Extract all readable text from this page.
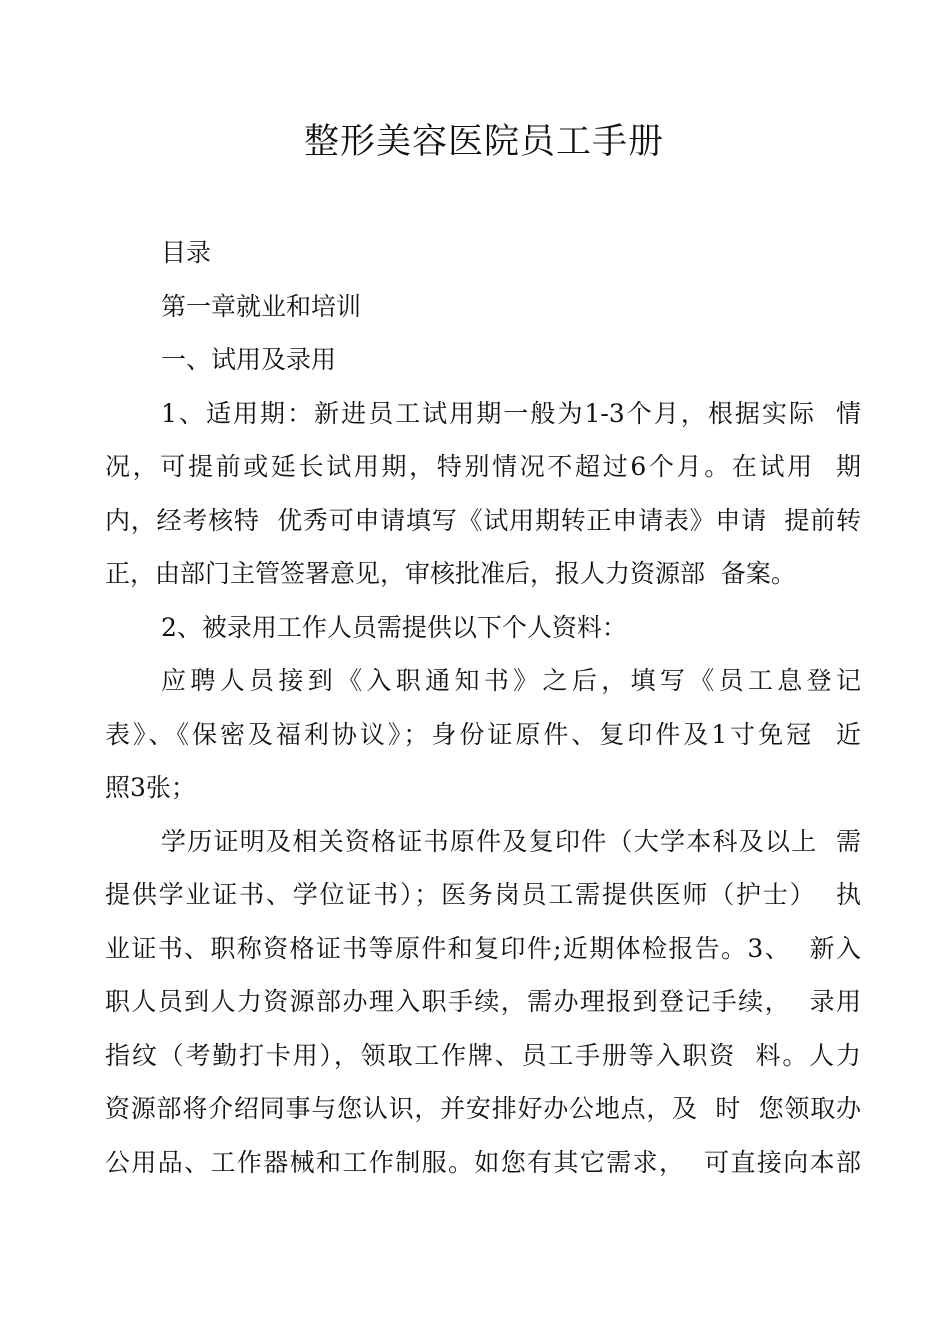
整形美容医院员工手册

目录

第一章就业和培训

一、试用及录用

1、适用期：新进员工试用期一般为1-3个月，根据实际  情

况，可提前或延长试用期，特别情况不超过6个月。在试用  期

内，经考核特  优秀可申请填写《试用期转正申请表》申请  提前转

正，由部门主管签署意见，审核批准后，报人力资源部  备案。

2、被录用工作人员需提供以下个人资料：

应聘人员接到《入职通知书》之后，填写《员工息登记

表》、《保密及福利协议》；身份证原件、复印件及1寸免冠  近

照3张；

学历证明及相关资格证书原件及复印件（大学本科及以上  需

提供学业证书、学位证书）；医务岗员工需提供医师（护士）  执

业证书、职称资格证书等原件和复印件;近期体检报告。3、  新入

职人员到人力资源部办理入职手续，需办理报到登记手续，  录用

指纹（考勤打卡用），领取工作牌、员工手册等入职资  料。人力

资源部将介绍同事与您认识，并安排好办公地点，及  时  您领取办

公用品、工作器械和工作制服。如您有其它需求，  可直接向本部
